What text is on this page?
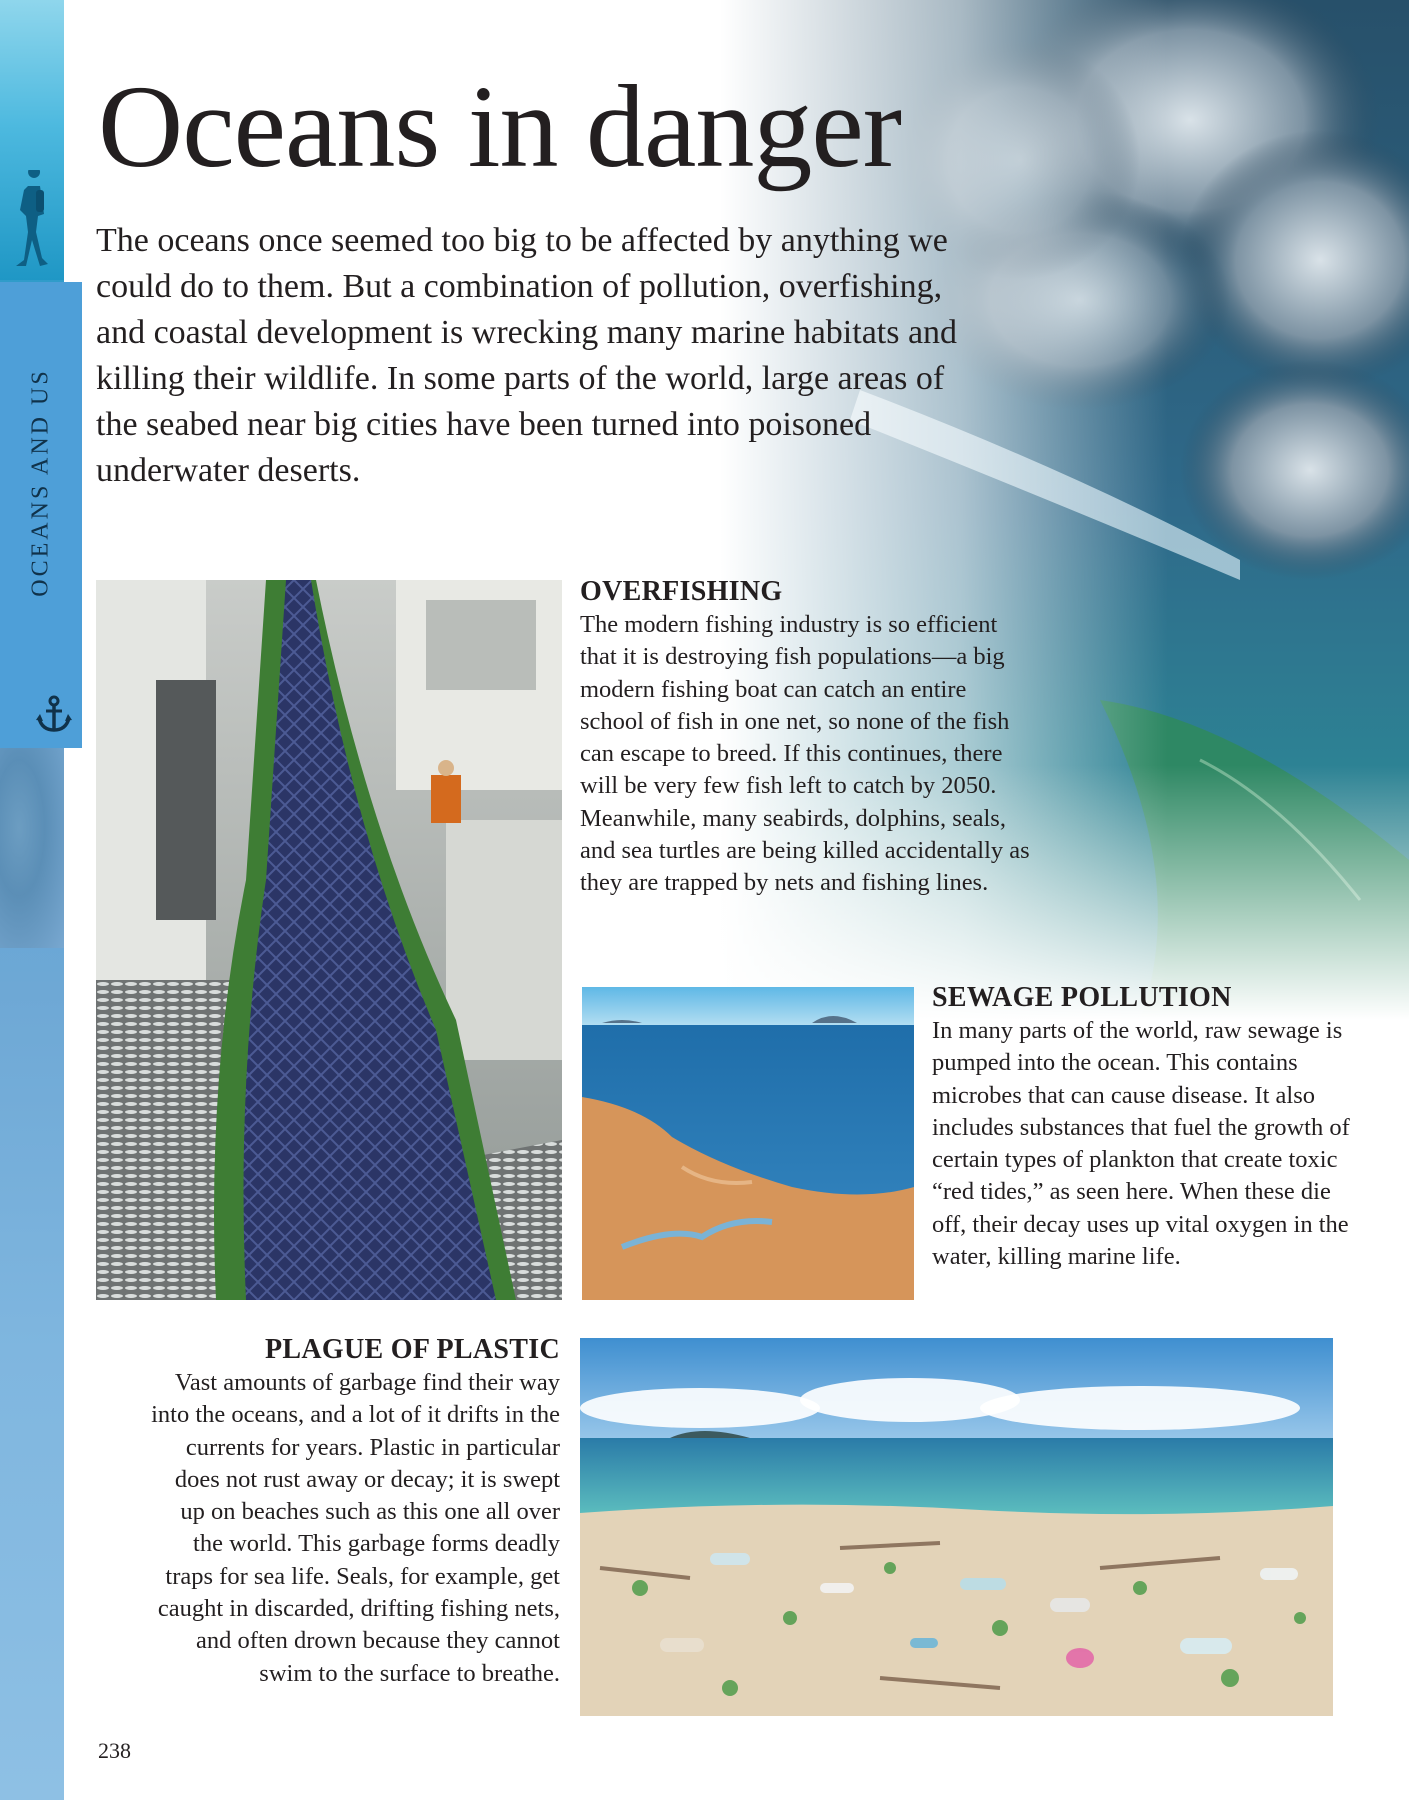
OCEANS AND US
Oceans in danger

The oceans once seemed too big to be affected by anything we could do to them. But a combination of pollution, overfishing, and coastal development is wrecking many marine habitats and killing their wildlife. In some parts of the world, large areas of the seabed near big cities have been turned into poisoned underwater deserts.

OVERFISHING

The modern fishing industry is so efficient that it is destroying fish populations—a big modern fishing boat can catch an entire school of fish in one net, so none of the fish can escape to breed. If this continues, there will be very few fish left to catch by 2050. Meanwhile, many seabirds, dolphins, seals, and sea turtles are being killed accidentally as they are trapped by nets and fishing lines.

SEWAGE POLLUTION

In many parts of the world, raw sewage is pumped into the ocean. This contains microbes that can cause disease. It also includes substances that fuel the growth of certain types of plankton that create toxic “red tides,” as seen here. When these die off, their decay uses up vital oxygen in the water, killing marine life.

PLAGUE OF PLASTIC

Vast amounts of garbage find their way into the oceans, and a lot of it drifts in the currents for years. Plastic in particular does not rust away or decay; it is swept up on beaches such as this one all over the world. This garbage forms deadly traps for sea life. Seals, for example, get caught in discarded, drifting fishing nets, and often drown because they cannot swim to the surface to breathe.

238
